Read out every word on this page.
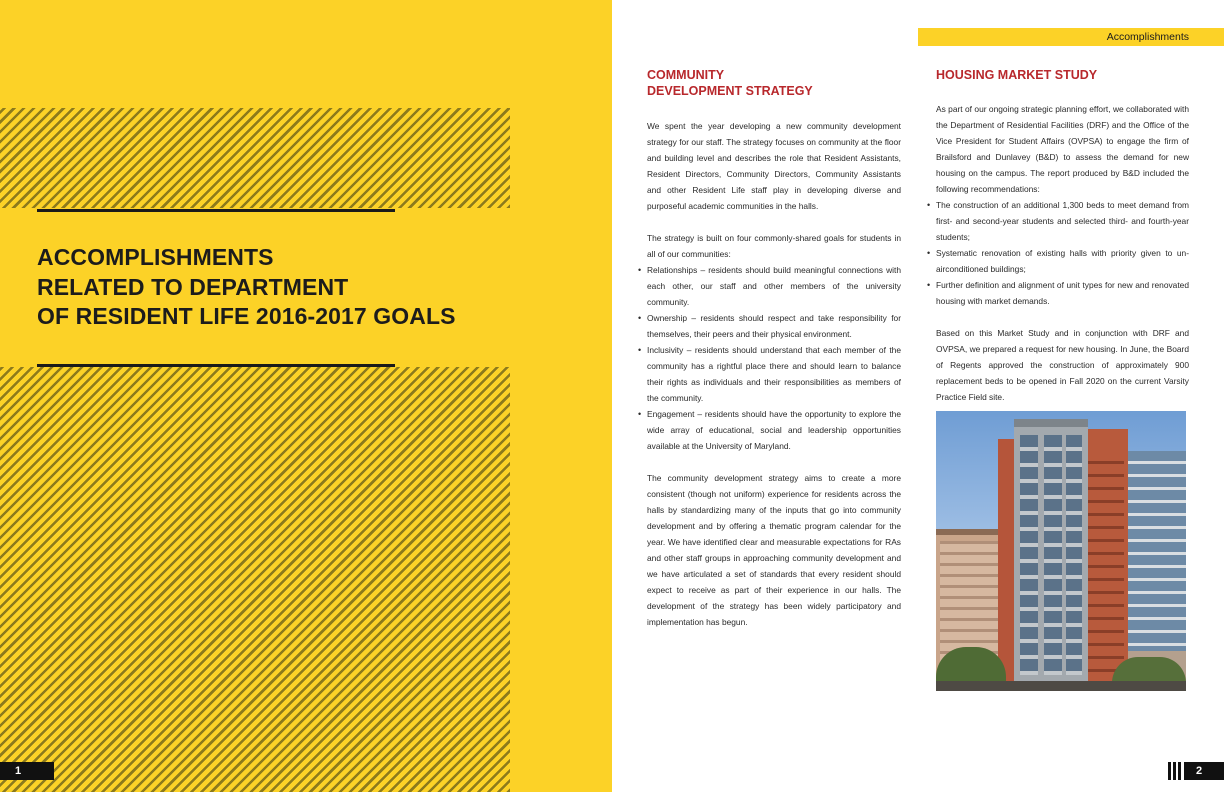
ACCOMPLISHMENTS
RELATED TO DEPARTMENT
OF RESIDENT LIFE 2016-2017 GOALS
1
Accomplishments
COMMUNITY
DEVELOPMENT STRATEGY

We spent the year developing a new community development strategy for our staff. The strategy focuses on community at the floor and building level and describes the role that Resident Assistants, Resident Directors, Community Directors, Community Assistants and other Resident Life staff play in developing diverse and purposeful academic communities in the halls.

The strategy is built on four commonly-shared goals for students in all of our communities:

• Relationships – residents should build meaningful connections with each other, our staff and other members of the university community.
• Ownership – residents should respect and take responsibility for themselves, their peers and their physical environment.
• Inclusivity – residents should understand that each member of the community has a rightful place there and should learn to balance their rights as individuals and their responsibilities as members of the community.
• Engagement – residents should have the opportunity to explore the wide array of educational, social and leadership opportunities available at the University of Maryland.

The community development strategy aims to create a more consistent (though not uniform) experience for residents across the halls by standardizing many of the inputs that go into community development and by offering a thematic program calendar for the year. We have identified clear and measurable expectations for RAs and other staff groups in approaching community development and we have articulated a set of standards that every resident should expect to receive as part of their experience in our halls. The development of the strategy has been widely participatory and implementation has begun.

HOUSING MARKET STUDY

As part of our ongoing strategic planning effort, we collaborated with the Department of Residential Facilities (DRF) and the Office of the Vice President for Student Affairs (OVPSA) to engage the firm of Brailsford and Dunlavey (B&D) to assess the demand for new housing on the campus. The report produced by B&D included the following recommendations:

• The construction of an additional 1,300 beds to meet demand from first- and second-year students and selected third- and fourth-year students;
• Systematic renovation of existing halls with priority given to un-airconditioned buildings;
• Further definition and alignment of unit types for new and renovated housing with market demands.

Based on this Market Study and in conjunction with DRF and OVPSA, we prepared a request for new housing. In June, the Board of Regents approved the construction of approximately 900 replacement beds to be opened in Fall 2020 on the current Varsity Practice Field site.

2
